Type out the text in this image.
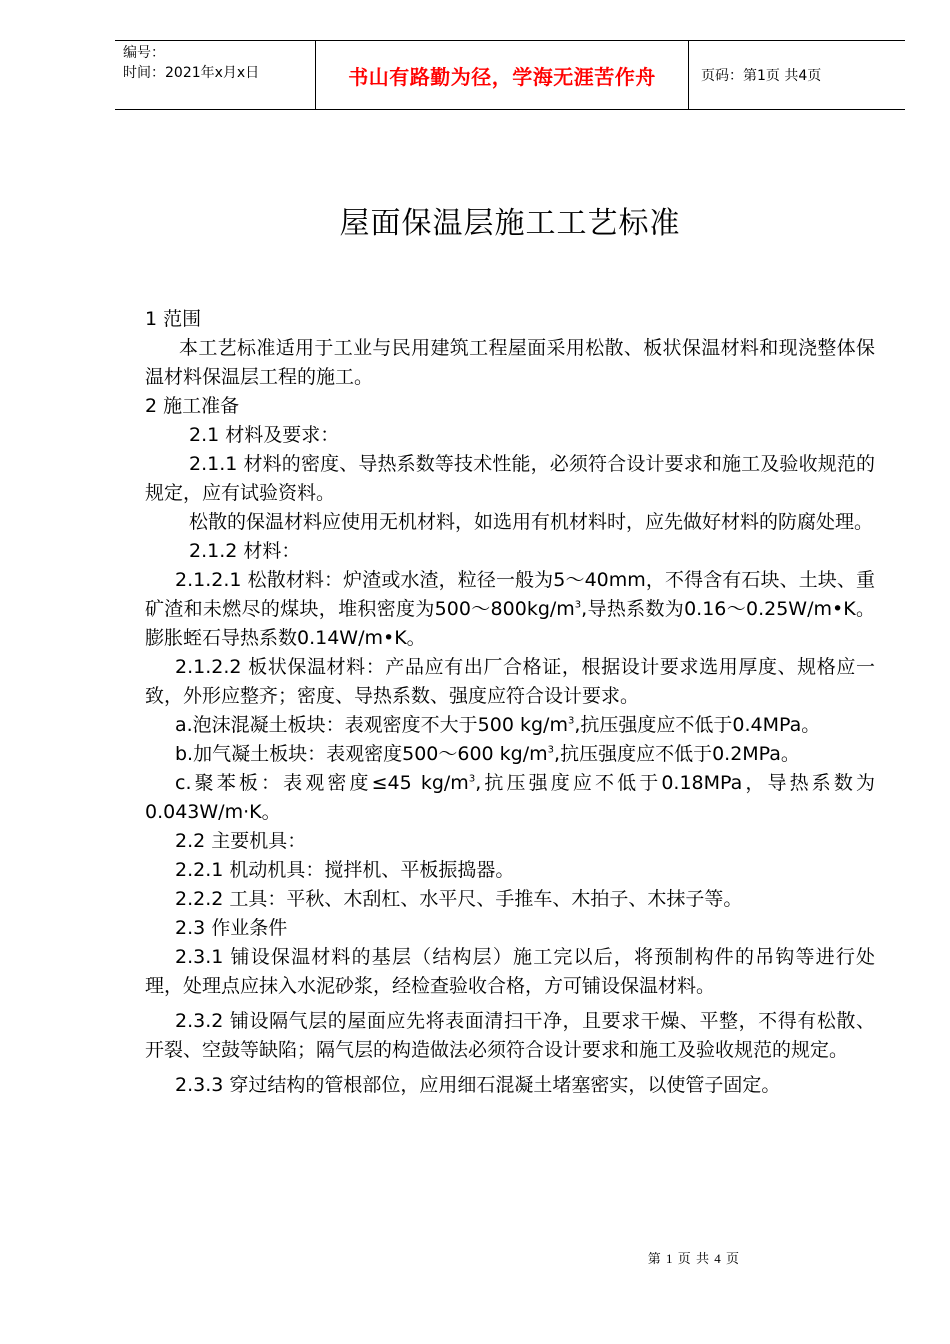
编号：
时间：2021年x月x日	书山有路勤为径，学海无涯苦作舟	页码：第1页 共4页
屋面保温层施工工艺标准

1 范围

本工艺标准适用于工业与民用建筑工程屋面采用松散、板状保温材料和现浇整体保温材料保温层工程的施工。

2 施工准备

2.1 材料及要求：

2.1.1 材料的密度、导热系数等技术性能，必须符合设计要求和施工及验收规范的规定，应有试验资料。

松散的保温材料应使用无机材料，如选用有机材料时，应先做好材料的防腐处理。

2.1.2 材料：

2.1.2.1 松散材料：炉渣或水渣，粒径一般为5～40mm，不得含有石块、土块、重矿渣和未燃尽的煤块，堆积密度为$500\sim 800kg/m^3$,导热系数为0.16～0.25W/m•K。膨胀蛭石导热系数0.14W/m•K。

2.1.2.2 板状保温材料：产品应有出厂合格证，根据设计要求选用厚度、规格应一致，外形应整齐；密度、导热系数、强度应符合设计要求。

a.泡沫混凝土板块：表观密度不大于500 $kg/m^3$,抗压强度应不低于0.4MPa。

b.加气凝土板块：表观密度500～600 $kg/m^3$,抗压强度应不低于0.2MPa。

c.聚苯板：表观密度≤45 $kg/m^3$,抗压强度应不低于0.18MPa，导热系数为0.043W/m·K。

2.2 主要机具：

2.2.1 机动机具：搅拌机、平板振捣器。

2.2.2 工具：平秋、木刮杠、水平尺、手推车、木拍子、木抹子等。

2.3 作业条件

2.3.1 铺设保温材料的基层（结构层）施工完以后，将预制构件的吊钩等进行处理，处理点应抹入水泥砂浆，经检查验收合格，方可铺设保温材料。

2.3.2 铺设隔气层的屋面应先将表面清扫干净，且要求干燥、平整，不得有松散、开裂、空鼓等缺陷；隔气层的构造做法必须符合设计要求和施工及验收规范的规定。

2.3.3 穿过结构的管根部位，应用细石混凝土堵塞密实，以使管子固定。

第 1 页 共 4 页
